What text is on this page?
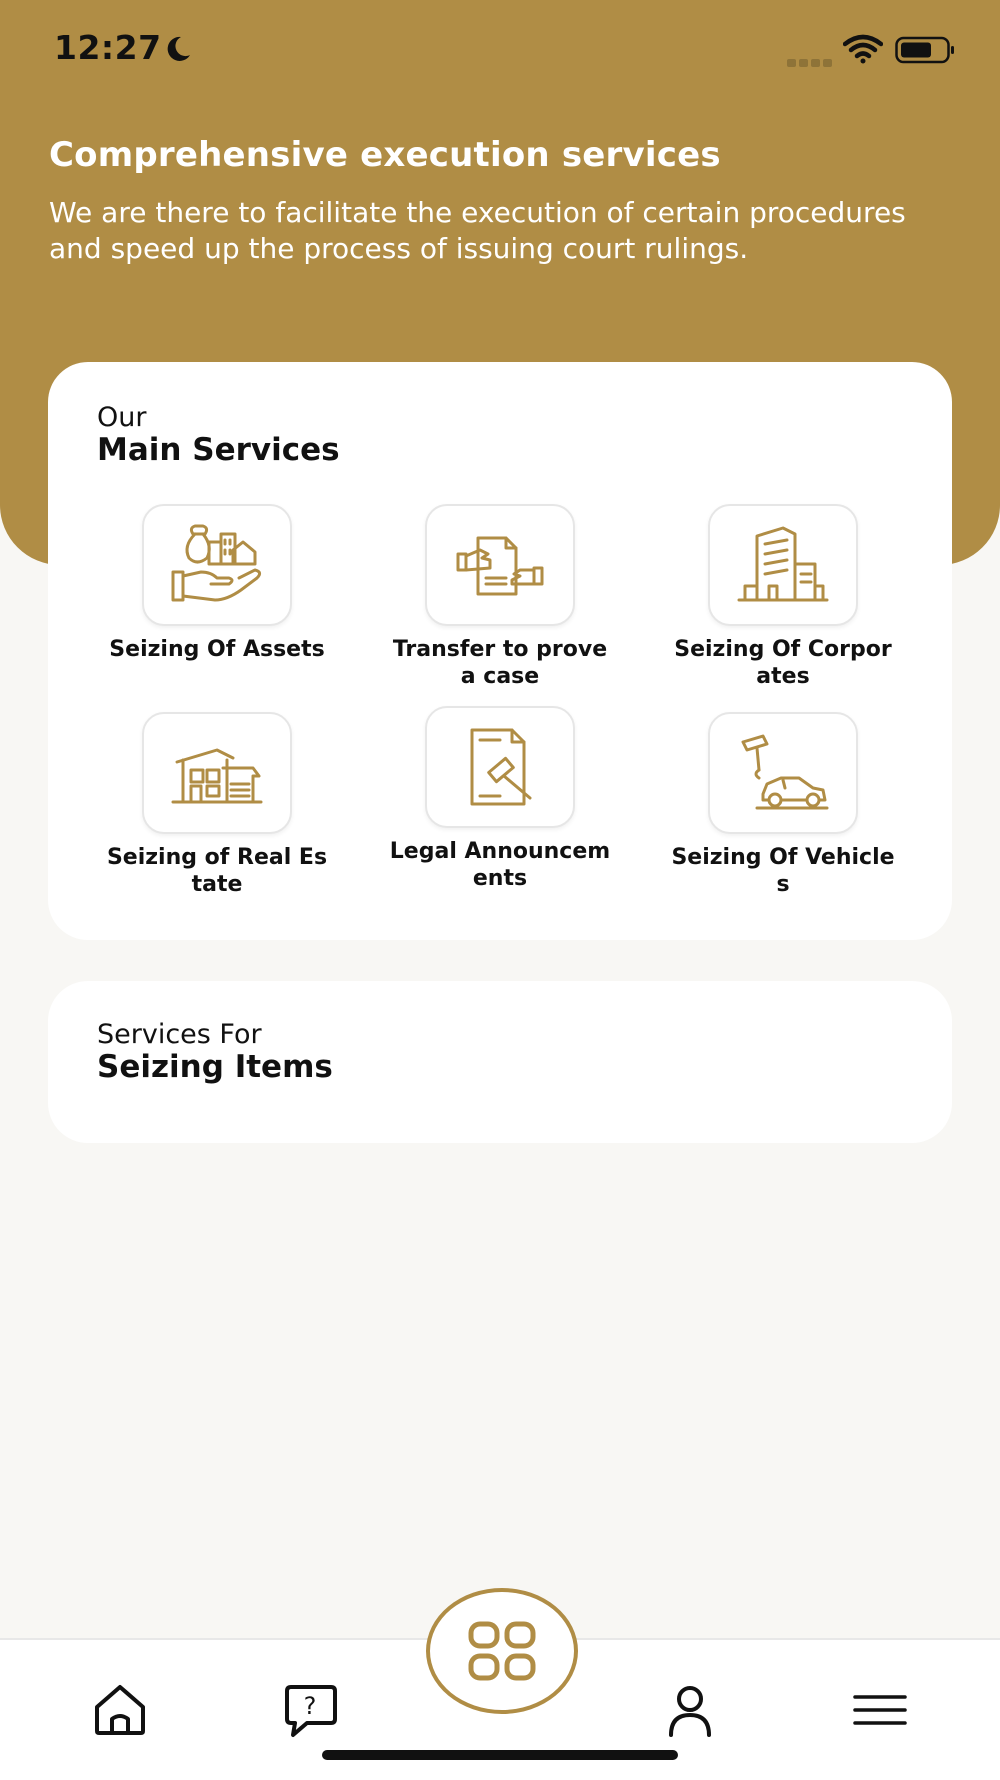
12:27
Comprehensive execution services

We are there to facilitate the execution of certain procedures and speed up the process of issuing court rulings.

Our
Main Services
Seizing Of Assets	Transfer to prove a case
Seizing Of Corporates
Seizing of Real Estate
Legal Announcements
Seizing Of Vehicles
Services For
Seizing Items
?
